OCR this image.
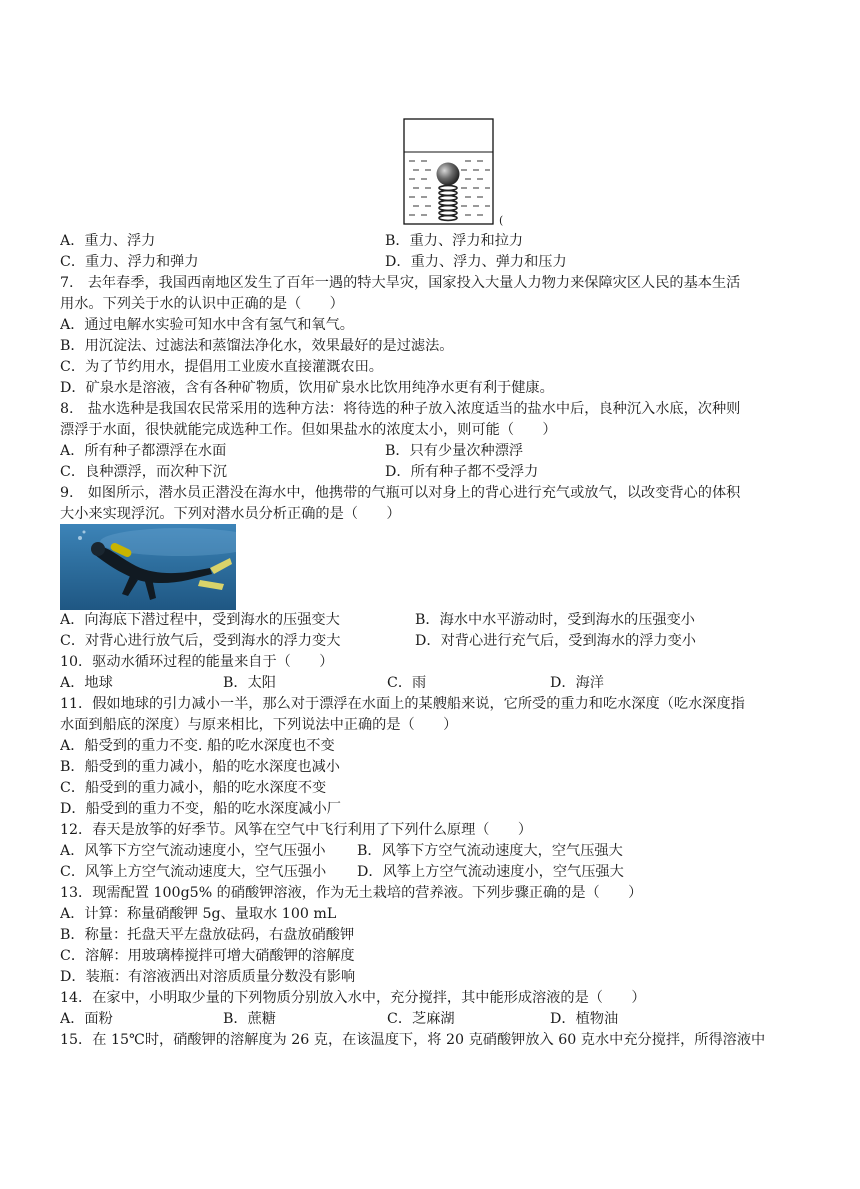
(
A．重力、浮力	B．重力、浮力和拉力
C．重力、浮力和弹力	D．重力、浮力、弹力和压力
7.　去年春季，我国西南地区发生了百年一遇的特大旱灾，国家投入大量人力物力来保障灾区人民的基本生活
用水。下列关于水的认识中正确的是（　　）
A．通过电解水实验可知水中含有氢气和氧气。
B．用沉淀法、过滤法和蒸馏法净化水，效果最好的是过滤法。
C．为了节约用水，提倡用工业废水直接灌溉农田。
D．矿泉水是溶液，含有各种矿物质，饮用矿泉水比饮用纯净水更有利于健康。
8.　盐水选种是我国农民常采用的选种方法：将待选的种子放入浓度适当的盐水中后，良种沉入水底，次种则
漂浮于水面，很快就能完成选种工作。但如果盐水的浓度太小，则可能（　　）
A．所有种子都漂浮在水面	B．只有少量次种漂浮
C．良种漂浮，而次种下沉	D．所有种子都不受浮力
9.　如图所示，潜水员正潜没在海水中，他携带的气瓶可以对身上的背心进行充气或放气，以改变背心的体积
大小来实现浮沉。下列对潜水员分析正确的是（　　）
A．向海底下潜过程中，受到海水的压强变大	B．海水中水平游动时，受到海水的压强变小
C．对背心进行放气后，受到海水的浮力变大	D．对背心进行充气后，受到海水的浮力变小
10．驱动水循环过程的能量来自于（　　）
A．地球	B．太阳	C．雨	D．海洋
11．假如地球的引力减小一半，那么对于漂浮在水面上的某艘船来说，它所受的重力和吃水深度（吃水深度指
水面到船底的深度）与原来相比，下列说法中正确的是（　　）
A．船受到的重力不变. 船的吃水深度也不变
B．船受到的重力减小，船的吃水深度也减小
C．船受到的重力减小，船的吃水深度不变
D．船受到的重力不变，船的吃水深度减小厂
12．春天是放筝的好季节。风筝在空气中飞行利用了下列什么原理（　　）
A．风筝下方空气流动速度小，空气压强小 B．风筝下方空气流动速度大，空气压强大
C．风筝上方空气流动速度大，空气压强小 D．风筝上方空气流动速度小，空气压强大
13．现需配置 100g5% 的硝酸钾溶液，作为无土栽培的营养液。下列步骤正确的是（　　）
A．计算：称量硝酸钾 5g、量取水 100 mL
B．称量：托盘天平左盘放砝码，右盘放硝酸钾
C．溶解：用玻璃棒搅拌可增大硝酸钾的溶解度
D．装瓶：有溶液洒出对溶质质量分数没有影响
14．在家中，小明取少量的下列物质分别放入水中，充分搅拌，其中能形成溶液的是（　　）
A．面粉	B．蔗糖	C．芝麻湖	D．植物油
15．在 15℃时，硝酸钾的溶解度为 26 克，在该温度下，将 20 克硝酸钾放入 60 克水中充分搅拌，所得溶液中
